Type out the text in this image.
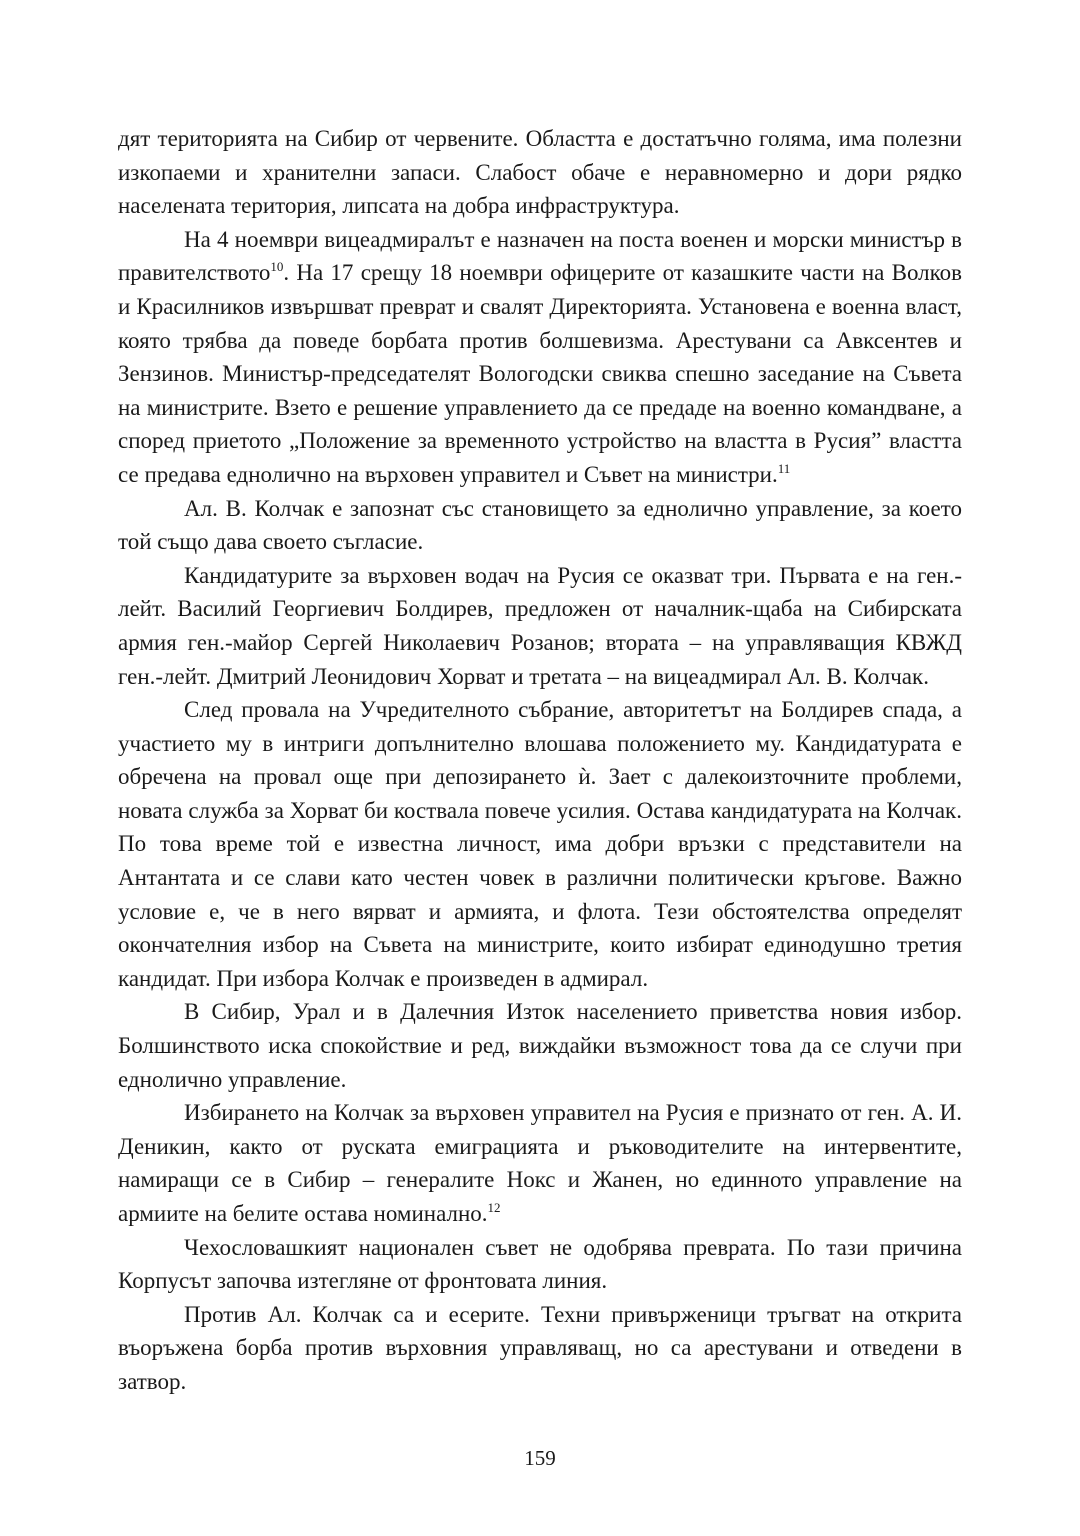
дят територията на Сибир от червените. Областта е достатъчно голяма, има полезни изкопаеми и хранителни запаси. Слабост обаче е неравномерно и дори рядко населената територия, липсата на добра инфраструктура.

На 4 ноември вицеадмиралът е назначен на поста военен и морски министър в правителството$^{10}$. На 17 срещу 18 ноември офицерите от казашките части на Волков и Красилников извършват преврат и свалят Директорията. Установена е военна власт, която трябва да поведе борбата против болшевизма. Арестувани са Авксентев и Зензинов. Министър-председателят Вологодски свиква спешно заседание на Съвета на министрите. Взето е решение управлението да се предаде на военно командване, а според приетото „Положение за временното устройство на властта в Русия” властта се предава еднолично на върховен управител и Съвет на министри.$^{11}$

Ал. В. Колчак е запознат със становището за еднолично управление, за което той също дава своето съгласие.

Кандидатурите за върховен водач на Русия се оказват три. Първата е на ген.-лейт. Василий Георгиевич Болдирев, предложен от началник-щаба на Сибирската армия ген.-майор Сергей Николаевич Розанов; втората – на управляващия КВЖД ген.-лейт. Дмитрий Леонидович Хорват и третата – на вицеадмирал Ал. В. Колчак.

След провала на Учредителното събрание, авторитетът на Болдирев спада, а участието му в интриги допълнително влошава положението му. Кандидатурата е обречена на провал още при депозирането ѝ. Зает с далекоизточните проблеми, новата служба за Хорват би коствала повече усилия. Остава кандидатурата на Колчак. По това време той е известна личност, има добри връзки с представители на Антантата и се слави като честен човек в различни политически кръгове. Важно условие е, че в него вярват и армията, и флота. Тези обстоятелства определят окончателния избор на Съвета на министрите, които избират единодушно третия кандидат. При избора Колчак е произведен в адмирал.

В Сибир, Урал и в Далечния Изток населението приветства новия избор. Болшинството иска спокойствие и ред, виждайки възможност това да се случи при еднолично управление.

Избирането на Колчак за върховен управител на Русия е признато от ген. А. И. Деникин, както от руската емиграцията и ръководителите на интервентите, намиращи се в Сибир – генералите Нокс и Жанен, но единното управление на армиите на белите остава номинално.$^{12}$

Чехословашкият национален съвет не одобрява преврата. По тази причина Корпусът започва изтегляне от фронтовата линия.

Против Ал. Колчак са и есерите. Техни привърженици тръгват на открита въоръжена борба против върховния управляващ, но са арестувани и отведени в затвор.

159
